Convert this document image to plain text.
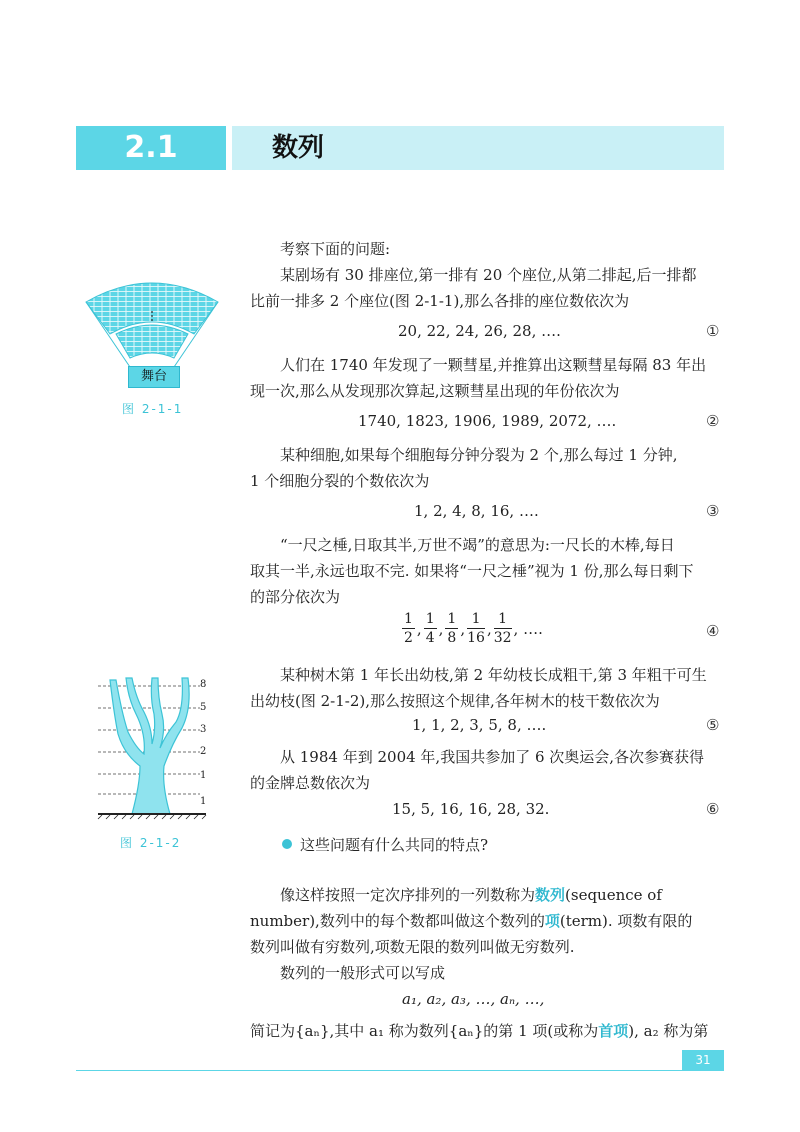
2.1	数列
舞台
图 2-1-1
8
5
3
2
1
1
图 2-1-2
考察下面的问题:
某剧场有 30 排座位,第一排有 20 个座位,从第二排起,后一排都
比前一排多 2 个座位(图 2-1-1),那么各排的座位数依次为
20, 22, 24, 26, 28, ….	①
人们在 1740 年发现了一颗彗星,并推算出这颗彗星每隔 83 年出
现一次,那么从发现那次算起,这颗彗星出现的年份依次为
1740, 1823, 1906, 1989, 2072, ….	②
某种细胞,如果每个细胞每分钟分裂为 2 个,那么每过 1 分钟,
1 个细胞分裂的个数依次为
1, 2, 4, 8, 16, ….	③
“一尺之棰,日取其半,万世不竭”的意思为:一尺长的木棒,每日
取其一半,永远也取不完. 如果将“一尺之棰”视为 1 份,那么每日剩下
的部分依次为
$\frac{1}{2}$ , $\frac{1}{4}$ , $\frac{1}{8}$ , $\frac{1}{16}$ , $\frac{1}{32}$ , ….	④
某种树木第 1 年长出幼枝,第 2 年幼枝长成粗干,第 3 年粗干可生
出幼枝(图 2-1-2),那么按照这个规律,各年树木的枝干数依次为
1, 1, 2, 3, 5, 8, ….	⑤
从 1984 年到 2004 年,我国共参加了 6 次奥运会,各次参赛获得
的金牌总数依次为
15, 5, 16, 16, 28, 32.	⑥
这些问题有什么共同的特点?
像这样按照一定次序排列的一列数称为数列(sequence of
number),数列中的每个数都叫做这个数列的项(term). 项数有限的
数列叫做有穷数列,项数无限的数列叫做无穷数列.
数列的一般形式可以写成
a₁, a₂, a₃, …, aₙ, …,
简记为{aₙ},其中 a₁ 称为数列{aₙ}的第 1 项(或称为首项), a₂ 称为第
31
